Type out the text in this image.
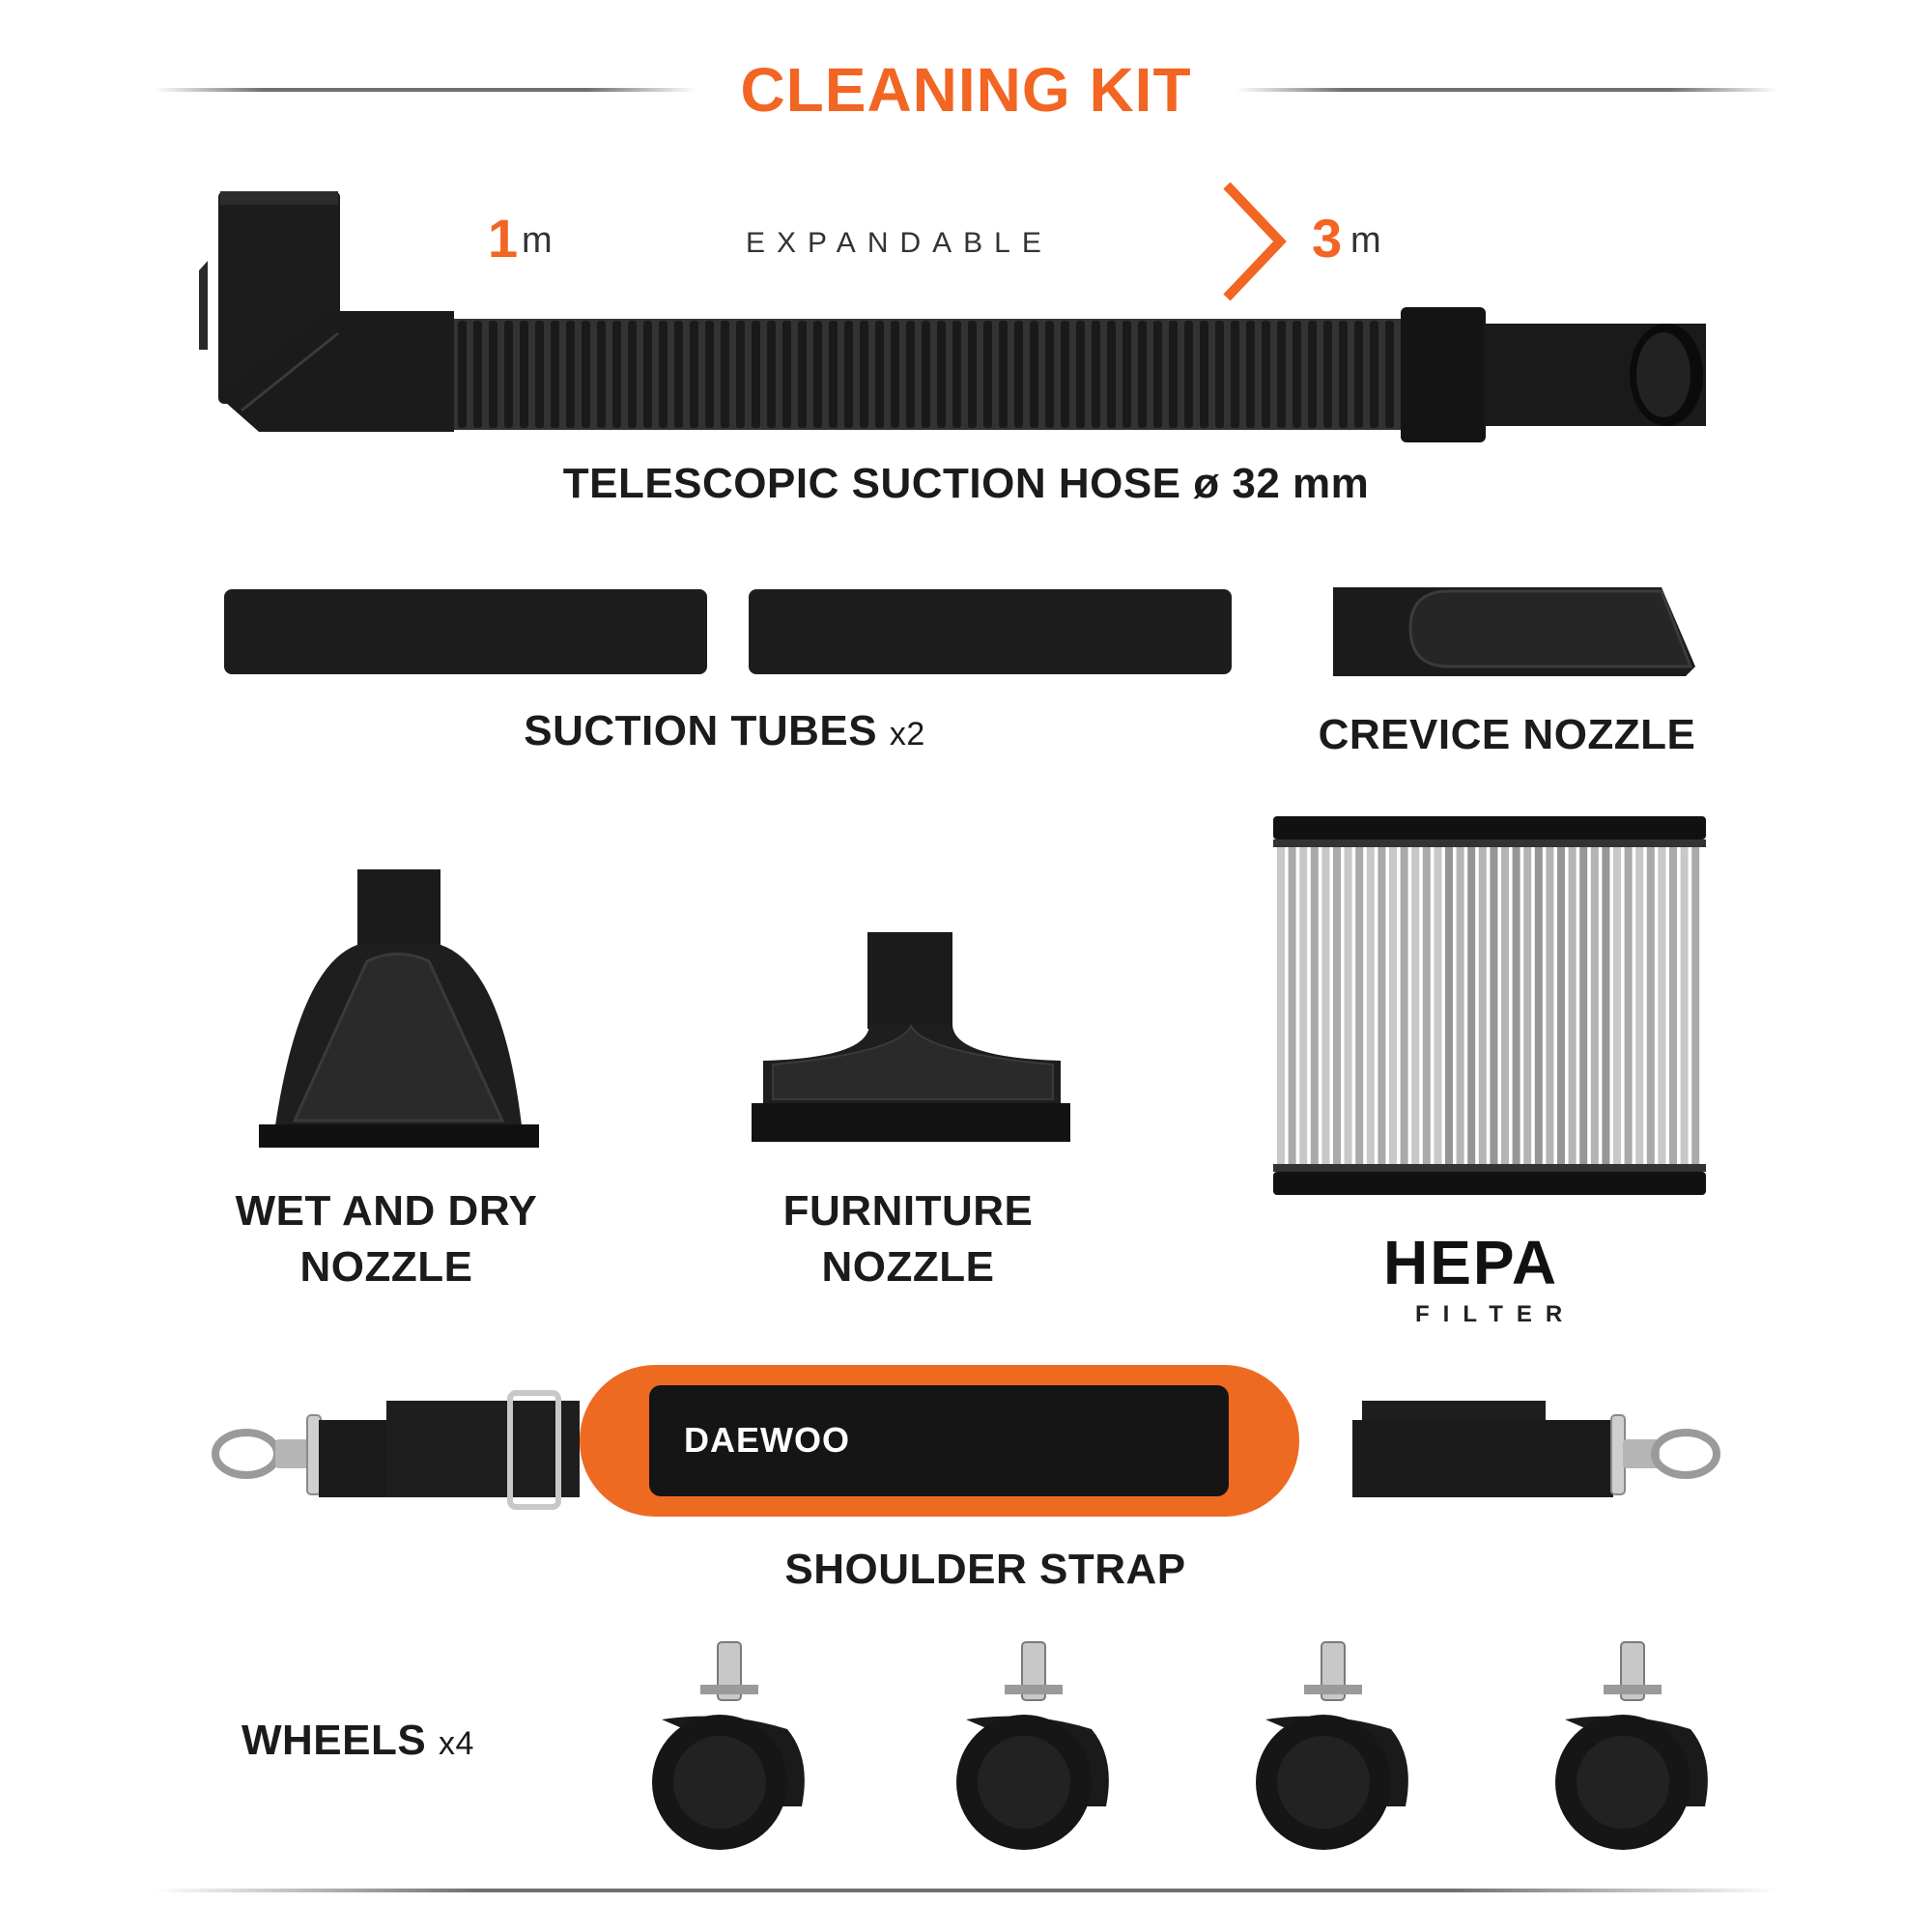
CLEANING KIT
1 m	EXPANDABLE	3 m
TELESCOPIC SUCTION HOSE ø 32 mm
SUCTION TUBES x2	CREVICE NOZZLE
WET AND DRY
NOZZLE
FURNITURE
NOZZLE	HEPA
FILTER
DAEWOO
SHOULDER STRAP
WHEELS x4
